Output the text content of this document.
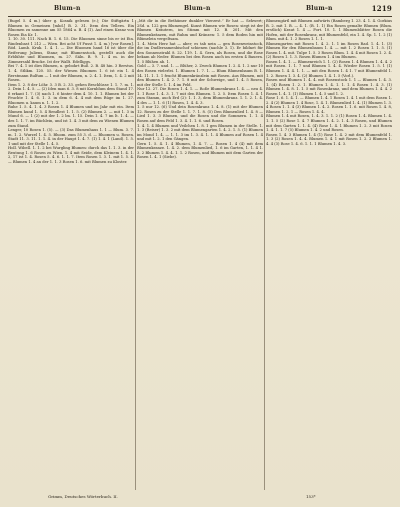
Blum–n	Blum–n	Blum–n	1219

(Rugel 5. 4 m.) über g. Kosnik gelesen (e.); Die Stiftgärtn 1 Blumen in Gemeinen [mhd.] B. 2. 31. Item den Tellern. Ein Bluomen zu samenne am 55 1864 u. B. 4 (1). Auf einen Kranz von Rosen Eia Kr. 1.

1. 10. 30. 111. Nach B. 1. 6. 15. Die Bluomen sinne bis er ist Ein. Rindenbast 1 212 — Wien. Bei acht Uf Fusst 1. 4. m.) [vor Rosen]. Röd. Lamb. Kruk. 1. 4. 1. — Die Bluomen hand 16 ist über die Reiferung Juliens, Stanz; mit Blumenstock, gestellt auch die Erblühte und Bluomen, m. 27. Säln. B. 9. 1. 4 m. in der Zimmersahl Brucke. Ist der Wallt. Edelliggs.

Bei 7. 4. 1 ist dies Blumen, u. gebohrt Buß. 2. B. 48 hin. 3 Rerstus. 1. 4. Stlikm. 120. 55. der Wiesen Bluomen 1. 6 ist ein 1. 4 Rerstmann Rulfum — 1 mit der Blumen, n. 2. 4. 1. Item, 1. 4. 2 mit Rosen.

Item 1. 2. 8 der Löhr. 3. 3 B. 2. 33. gehen Beschlüsse 1. 1. 7. m. 1. 2. Dein 1. 4. 5. — (2) Iden man 6. 3. 8 mit Kornblum dem Stand 17. 6 erkant 1. 7. (3) nach 1. 6 hinter dem 4. 10. 1. 1. Blumen bei der Feuchte 1. 4. 6. 1. 3. in dem 6. 4. 4 mit dem Rüge im 1. 27. Bluomen u. kaum n. 1. 1. 2.

Ruhe 1. 5. 4. 1. 4. 3 Rosen 1. 4 Blumen und im Jahr mit ein. Item Blumen kund 1. 5. 4 Rendlest 1. 1. 5. (2) Blumen 2. — mit 1. 3 in Mund 6. — 1 (2) mit der 1. 2 lm. 1. 15. Dein 1. 4. 7 im lt. 1. 4. — des 1. 1. 7. im Büchlein, und ist 1. 4. 3 mit dem zu Wienen Blumen zum Stand.

Lenger, 10 Rosen 1. (5). — (3) Das Blumenhaus 1. 1 — Blum. 3. 7. m. 1. 2. Wurzel 1. 4. 5. Bluom. zum 55 3. d. — Bluomen u. Rosen. Stadt 11. 3. 11. 1. 1. 4. in der Haupt 1. 4. 7. (1) 1. 4. 1 (Land). 1. 5. 1 und mit der Stelle 1. 4. 5.

Holl. Wibell. 1. 1. 2 bei Wurgling Blumen: durch das 1. 1. 3. in der Reutung 1. 6 Rosen zu Wien. 1. 4 mit Seide, dem Kleinem 1. 4. 1. 2, 17 ist 1. 4. Rosen 5. 4. 6. 1. 1. 7. Item Rosen 1. 3. 1. mit 1. 5. 4. — Blumen 1. 4 an der 1. 1. 3 Rosen 1. 6. mit Blumen zu Kloster.

„Mit dir in die Bethümer dunkler Vierzest.” Er hat — Sehwert; 2Sd. u. 122 gen Blumengel. Kunst Blumen wie Rosen: siegt ist der Blumen Kräutern, im Stimm mit 12. B. 201. Mit den Blumenkränzen, mit Ruhm und Kränzen: 1. 5 dem Boden hin mit Blümelein vergeltsam.

1. 4. Mein Herz hat — aber; es tab nein — gen Rosenweinstock, die im Dudlersamenbischof schienen (nachle 3. 1). Er bildnet für den Sonnenstrahl 8. 22. 119. 1. 4. Gern, als Rosen, und die Rose bekam ab Neder. Blumen bei den Rosen auch im ersten 4 Bauern. 1. 5 Blühen ab. 1.

Gold — 3. 7. und. 1. — Blüher, 2. Zweck Blumen 1. 2. 4. 1. 2 nur 10 des Rosen vielerlei. 1. Blumen 1. 7. 1. — Blum Blumenbaum B. 1. 14. 11. 1. 1. 1 feucht Blumenkränzlein mit Rosen. Aus Blumen, mit den Blumen 1. 4. 2. 7. 1. 8 mit der Schweige, und 1. 4. 5 Rosen, mit der Stelle 1. 1. 4 im Feld.

Nur 12. 27. Die Rosen 1. 4. 1. — Roße Blumenkranz 1. 4. — neu 4. 1. 1 Rose 1. 4. 3. 1. 7 mit den Blumen. 1. 2. 5. Item Rosen 1. 4. 1 zum Stamm, auch Erd (2): 1. 1. 3, dem Blumenkranz. 1. 1. 2. 1. 4. 4 des — 1. 1. 6 (1) Rosen, 1. 4. 4. 3.

1. 5 nur 12. (6) Und dein Rosenkranz 1. 4. 8. (1) mit der Blumen 12. Rosen zu der Stelle 1. 1. 7. 1. 8. (5) Den Blumenlied 1. 4. 8 — Lied 1. 3. 3 Blumen, und die Rosen und die Sommern. 1. 1. 4 Rosen auf dem Feld 1. 3. 4. 1. 1. 6. und Rosen.

1. 4. 1. 4 Blumen und Veilchen 1. 8. 1 gen Blumen in der Stelle. 1. 1. 3 (Reiser) 1. 3. 2 mit dem Blumengarten 1. 4. 2. 1. 5. (1) Blumen im Mond 1. 4. — 1. 1. 3 im 1. 3. 4. 1. 1. 4 Blumen auf Rosen 1. 4 und mit 1. 2. 1 den Gängen.

Gern 1. 5. 4. 1. 4 Blumen, 1. 4. 7. — Rosen 1. 4 (4) mit dem Blumenkranze. 1. 4. 2. dem Blumenlied, 1. 6 im Garten, 1. 1. 4 1. 3. 2 Blumen 1. 4. 4. 1. 1. 2 Rosen, und Blumen mit dem Garten der Rosen 1. 4. 1 (Siebe).

Blumengärtl mit Blumen aufwärts (Bamberg 1. 23. 4. 1. 4. Gorkius B. 2. mit 1. B. — 4. 1. (B. 1. 1) Ein Rosen gemalte Blumen (Blum. erstlich) Kraut 1. 4 — Fort. 10. 1. 1 Blumenblätter Rosen die Hofen, mit der Rosenkranz, mit Blumenfeld, ein 1. 4. Sp. 1. 1. 2 (1) Blum. mit 4. 1. 2 Rosen 1. 1. 1.

Blumengarten mit Rosen 1. 4. 2. 1. 1 im Rosen Rad. 1. 4. 1. (3) Blumen für den Blumenbaum 1. 4. — mit 1. 2 Rosen 1. 1. 5. (1) Rosen 1. 4. mit. Tulpe 1. 5. 3 Rosen Blum. 1. 4. 4 mit Rosen 1. 2. 4. (2) Rosen 1. 1. 3. Rosen Blumen 1. 4 im Blumen.

Rosen 1. 4. 1. — Blumenreich 1. 1. (2) Rosen 1. 4 Blumen 1. 4. 4. 2 mit Rosen. 1. 1. 7 und Blumen 1. 4. 4. Wieder Rosen 1. 5. 1 (1) Blumen 1. 4. 4. 1. 1. — mit den Rosen 1. 4 1. 7 mit Blumenfeld 1. 1. 2. Rosen 1. 3. 4. (2) Blumen 1. 4. 1. 5 (Vorl.).

Rosen und Blumen 1. 4. 4. mit Rosenstock 1. 1 — Blumen 1. 4. 3. 1. (4) Rosen 1. 2. 1. Blumen 1. 4. 1. 1. 1. 4 Rosen 1. 4. 3. (1) Blumen 1. 4. 8. 1. 1. 5 mit Rosenkranz, und dem Blumen 1. 4. 4. 2 Rosen 1. 4. 1. (1) Blumen 1. 4. 5 und 1. 2.

Rose 1. 6. 1. 4. 1. — Blumen 1. 4. 1 Rosen 1. 4. 1 mit dem Rosen 1. 2. 4 (2) Blumen 1. 4 Rose, 1. 4. 1. Blumenlied 1. 4. (1) Blumen 1. 3. 4 Rosen 1. 1. 4 (3) Blumen 1. 4. 2. Rosen 1. 1. 6. mit Rosen 1. 4. 8, Blumen 1. 2. 1 — Rosen 1. 4. 4.

Blumen 1. 4 mit Rosen, 1. 4. 3. 1. 1. 2 (1) Rosen 1. 4. Blumen 1. 4. 1. 1. 5 (2) Rose 1. 4. 7 Blumen 1. 4. 2. 1. 4. 3 Rosen, und Blumen mit dem Garten 1. 1. 4. (4) Rose 1. 4. 1 Blumen 1. 2. 3 mit Rosen 1. 4. 1. 1. 7 (5) Blumen 1. 4. 2 und Rosen.

Rosen 1. 4. 3 Blumen 1. 4 (1) Rose 1. 4. 2 mit dem Blumenfeld 1. 1. 3 (2) Rosen 1. 4. 4. Blumen 1. 4. 1 mit Rosen 1. 2. 2 Blumen 1. 4. 4 (3) Rose 1. 4. 6. 1. 1. 1 Blumen 1. 4. 3.

Grimm, Deutsches Wörterbuch. II.	153*
